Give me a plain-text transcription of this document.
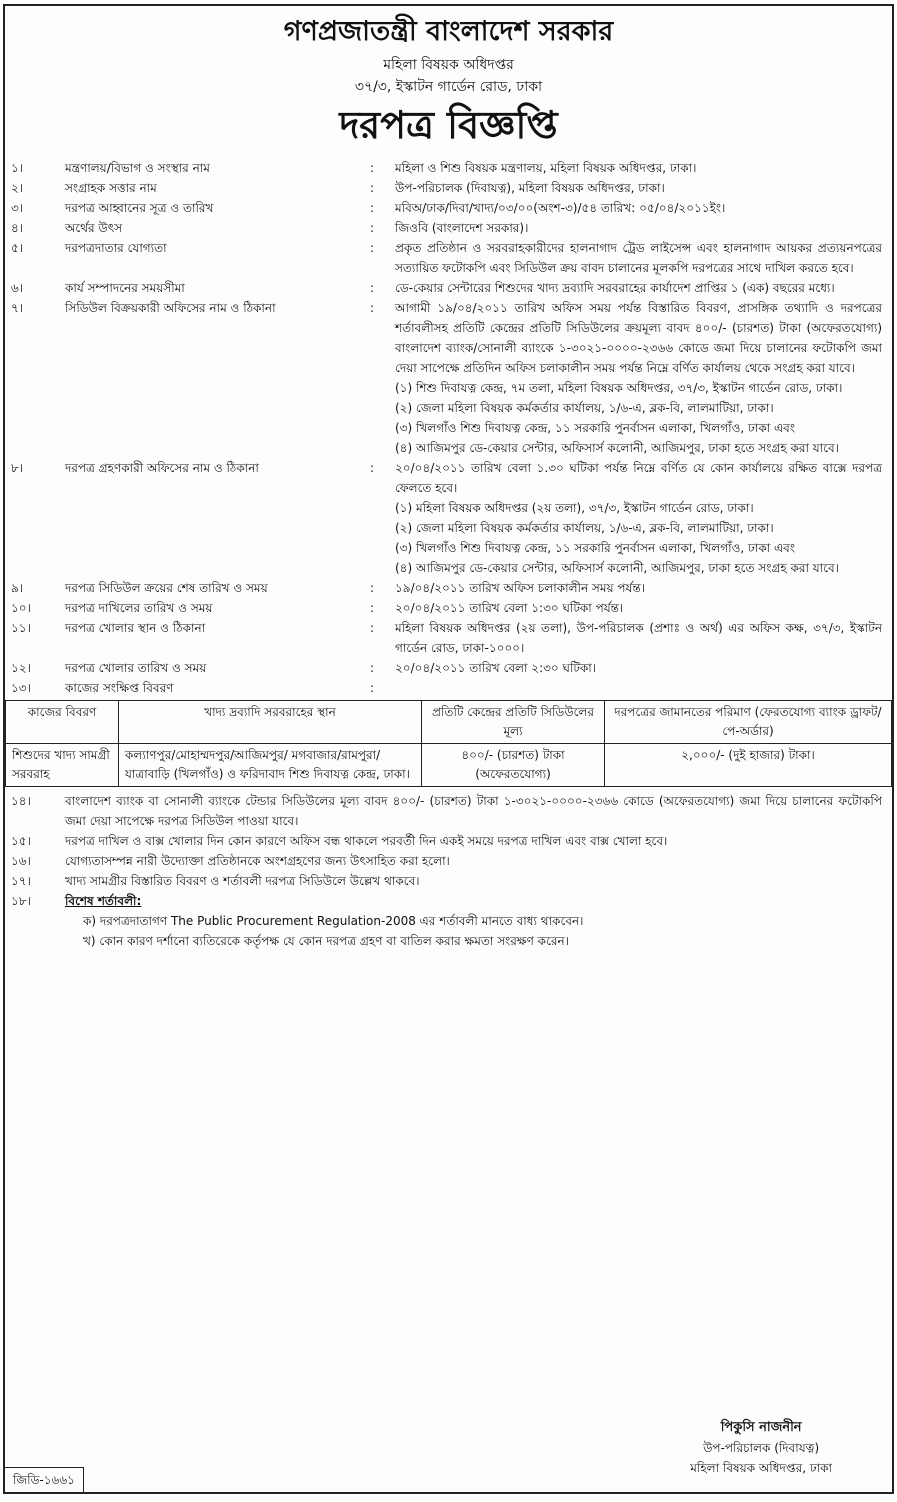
গণপ্রজাতন্ত্রী বাংলাদেশ সরকার
মহিলা বিষয়ক অধিদপ্তর
৩৭/৩, ইস্কাটন গার্ডেন রোড, ঢাকা
দরপত্র বিজ্ঞপ্তি
১।	মন্ত্রণালয়/বিভাগ ও সংস্থার নাম	:	মহিলা ও শিশু বিষয়ক মন্ত্রণালয়, মহিলা বিষয়ক অধিদপ্তর, ঢাকা।
২।	সংগ্রাহক সত্তার নাম	:	উপ-পরিচালক (দিবাযত্ন), মহিলা বিষয়ক অধিদপ্তর, ঢাকা।
৩।	দরপত্র আহ্বানের সূত্র ও তারিখ	:	মবিঅ/ঢাক/দিবা/খাদ্য/০৩/০০(অংশ-৩)/৫৪ তারিখ: ০৫/০৪/২০১১ইং।
৪।	অর্থের উৎস	:	জিওবি (বাংলাদেশ সরকার)।
৫।	দরপত্রদাতার যোগ্যতা	:	প্রকৃত প্রতিষ্ঠান ও সরবরাহকারীদের হালনাগাদ ট্রেড লাইসেন্স এবং হালনাগাদ আয়কর প্রত্যয়নপত্রের সত্যায়িত ফটোকপি এবং সিডিউল ক্রয় বাবদ চালানের মূলকপি দরপত্রের সাথে দাখিল করতে হবে।
৬।	কার্য সম্পাদনের সময়সীমা	:	ডে-কেয়ার সেন্টারের শিশুদের খাদ্য দ্রব্যাদি সরবরাহের কার্যাদেশ প্রাপ্তির ১ (এক) বছরের মধ্যে।
৭।	সিডিউল বিক্রয়কারী অফিসের নাম ও ঠিকানা	:	আগামী ১৯/০৪/২০১১ তারিখ অফিস সময় পর্যন্ত বিস্তারিত বিবরণ, প্রাসঙ্গিক তথ্যাদি ও দরপত্রের শর্তাবলীসহ প্রতিটি কেন্দ্রের প্রতিটি সিডিউলের ক্রয়মূল্য বাবদ ৪০০/- (চারশত) টাকা (অফেরতযোগ্য) বাংলাদেশ ব্যাংক/সোনালী ব্যাংকে ১-৩০২১-০০০০-২৩৬৬ কোডে জমা দিয়ে চালানের ফটোকপি জমা দেয়া সাপেক্ষে প্রতিদিন অফিস চলাকালীন সময় পর্যন্ত নিম্নে বর্ণিত কার্যালয় থেকে সংগ্রহ করা যাবে।

(১) শিশু দিবাযত্ন কেন্দ্র, ৭ম তলা, মহিলা বিষয়ক অধিদপ্তর, ৩৭/৩, ইস্কাটন গার্ডেন রোড, ঢাকা।

(২) জেলা মহিলা বিষয়ক কর্মকর্তার কার্যালয়, ১/৬-এ, ব্লক-বি, লালমাটিয়া, ঢাকা।

(৩) খিলগাঁও শিশু দিবাযত্ন কেন্দ্র, ১১ সরকারি পুনর্বাসন এলাকা, খিলগাঁও, ঢাকা এবং

(৪) আজিমপুর ডে-কেয়ার সেন্টার, অফিসার্স কলোনী, আজিমপুর, ঢাকা হতে সংগ্রহ করা যাবে।

৮।	দরপত্র গ্রহণকারী অফিসের নাম ও ঠিকানা	:	২০/০৪/২০১১ তারিখ বেলা ১.৩০ ঘটিকা পর্যন্ত নিম্নে বর্ণিত যে কোন কার্যালয়ে রক্ষিত বাক্সে দরপত্র ফেলতে হবে।

(১) মহিলা বিষয়ক অধিদপ্তর (২য় তলা), ৩৭/৩, ইস্কাটন গার্ডেন রোড, ঢাকা।

(২) জেলা মহিলা বিষয়ক কর্মকর্তার কার্যালয়, ১/৬-এ, ব্লক-বি, লালমাটিয়া, ঢাকা।

(৩) খিলগাঁও শিশু দিবাযত্ন কেন্দ্র, ১১ সরকারি পুনর্বাসন এলাকা, খিলগাঁও, ঢাকা এবং

(৪) আজিমপুর ডে-কেয়ার সেন্টার, অফিসার্স কলোনী, আজিমপুর, ঢাকা হতে সংগ্রহ করা যাবে।

৯।	দরপত্র সিডিউল ক্রয়ের শেষ তারিখ ও সময়	:	১৯/০৪/২০১১ তারিখ অফিস চলাকালীন সময় পর্যন্ত।
১০।	দরপত্র দাখিলের তারিখ ও সময়	:	২০/০৪/২০১১ তারিখ বেলা ১:৩০ ঘটিকা পর্যন্ত।
১১।	দরপত্র খোলার স্থান ও ঠিকানা	:	মহিলা বিষয়ক অধিদপ্তর (২য় তলা), উপ-পরিচালক (প্রশাঃ ও অর্থ) এর অফিস কক্ষ, ৩৭/৩, ইস্কাটন গার্ডেন রোড, ঢাকা-১০০০।
১২।	দরপত্র খোলার তারিখ ও সময়	:	২০/০৪/২০১১ তারিখ বেলা ২:৩০ ঘটিকা।
১৩।	কাজের সংক্ষিপ্ত বিবরণ	:
কাজের বিবরণ	খাদ্য দ্রব্যাদি সরবরাহের স্থান	প্রতিটি কেন্দ্রের প্রতিটি সিডিউলের মূল্য	দরপত্রের জামানতের পরিমাণ (ফেরতযোগ্য ব্যাংক ড্রাফট/পে-অর্ডার)
শিশুদের খাদ্য সামগ্রী সরবরাহ	কল্যাণপুর/মোহাম্মদপুর/আজিমপুর/ মগবাজার/রামপুরা/যাত্রাবাড়ি (খিলগাঁও) ও ফরিদাবাদ শিশু দিবাযত্ন কেন্দ্র, ঢাকা।	৪০০/- (চারশত) টাকা (অফেরতযোগ্য)	২,০০০/- (দুই হাজার) টাকা।
১৪।	বাংলাদেশ ব্যাংক বা সোনালী ব্যাংকে টেন্ডার সিডিউলের মূল্য বাবদ ৪০০/- (চারশত) টাকা ১-৩০২১-০০০০-২৩৬৬ কোডে (অফেরতযোগ্য) জমা দিয়ে চালানের ফটোকপি জমা দেয়া সাপেক্ষে দরপত্র সিডিউল পাওয়া যাবে।
১৫।	দরপত্র দাখিল ও বাক্স খোলার দিন কোন কারণে অফিস বন্ধ থাকলে পরবর্তী দিন একই সময়ে দরপত্র দাখিল এবং বাক্স খোলা হবে।
১৬।	যোগ্যতাসম্পন্ন নারী উদ্যোক্তা প্রতিষ্ঠানকে অংশগ্রহণের জন্য উৎসাহিত করা হলো।
১৭।	খাদ্য সামগ্রীর বিস্তারিত বিবরণ ও শর্তাবলী দরপত্র সিডিউলে উল্লেখ থাকবে।
১৮।	বিশেষ শর্তাবলী:

ক) দরপত্রদাতাগণ The Public Procurement Regulation-2008 এর শর্তাবলী মানতে বাধ্য থাকবেন।

খ) কোন কারণ দর্শানো ব্যতিরেকে কর্তৃপক্ষ যে কোন দরপত্র গ্রহণ বা বাতিল করার ক্ষমতা সংরক্ষণ করেন।

পিকুসি নাজনীন
উপ-পরিচালক (দিবাযত্ন)
মহিলা বিষয়ক অধিদপ্তর, ঢাকা
জিডি-১৬৬১
